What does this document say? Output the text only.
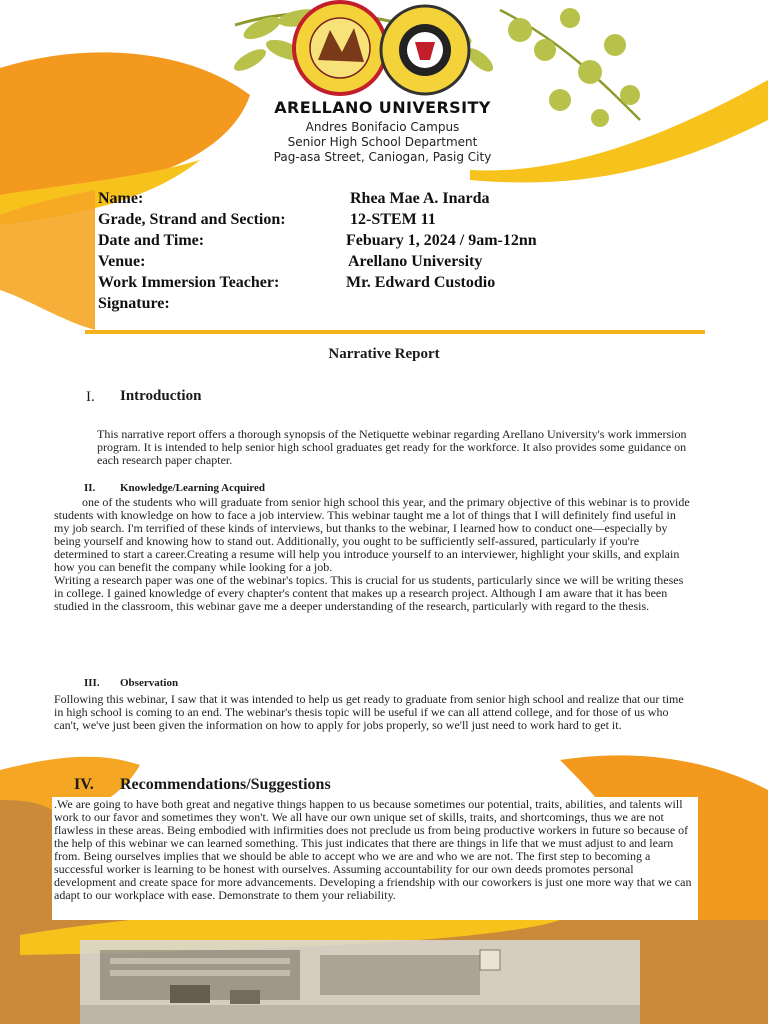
ARELLANO UNIVERSITY
Andres Bonifacio Campus
Senior High School Department
Pag-asa Street, Caniogan, Pasig City
Name:	Rhea Mae A. Inarda
Grade, Strand and Section:	12-STEM 11
Date and Time:	Febuary 1, 2024 / 9am-12nn
Venue:	Arellano University
Work Immersion Teacher:	Mr. Edward Custodio
Signature:
Narrative Report
I. Introduction
This narrative report offers a thorough synopsis of the Netiquette webinar regarding Arellano University's work immersion program. It is intended to help senior high school graduates get ready for the workforce. It also provides some guidance on each research paper chapter.
II. Knowledge/Learning Acquired

one of the students who will graduate from senior high school this year, and the primary objective of this webinar is to provide students with knowledge on how to face a job interview. This webinar taught me a lot of things that I will definitely find useful in my job search. I'm terrified of these kinds of interviews, but thanks to the webinar, I learned how to conduct one—especially by being yourself and knowing how to stand out. Additionally, you ought to be sufficiently self-assured, particularly if you're determined to start a career.Creating a resume will help you introduce yourself to an interviewer, highlight your skills, and explain how you can benefit the company while looking for a job.

Writing a research paper was one of the webinar's topics. This is crucial for us students, particularly since we will be writing theses in college. I gained knowledge of every chapter's content that makes up a research project. Although I am aware that it has been studied in the classroom, this webinar gave me a deeper understanding of the research, particularly with regard to the thesis.

III. Observation
Following this webinar, I saw that it was intended to help us get ready to graduate from senior high school and realize that our time in high school is coming to an end. The webinar's thesis topic will be useful if we can all attend college, and for those of us who can't, we've just been given the information on how to apply for jobs properly, so we'll just need to work hard to get it.
IV. Recommendations/Suggestions
.We are going to have both great and negative things happen to us because sometimes our potential, traits, abilities, and talents will work to our favor and sometimes they won't. We all have our own unique set of skills, traits, and shortcomings, thus we are not flawless in these areas. Being embodied with infirmities does not preclude us from being productive workers in future so because of the help of this webinar we can learned something. This just indicates that there are things in life that we must adjust to and learn from. Being ourselves implies that we should be able to accept who we are and who we are not. The first step to becoming a successful worker is learning to be honest with ourselves. Assuming accountability for our own deeds promotes personal development and create space for more advancements. Developing a friendship with our coworkers is just one more way that we can adapt to our workplace with ease. Demonstrate to them your reliability.
